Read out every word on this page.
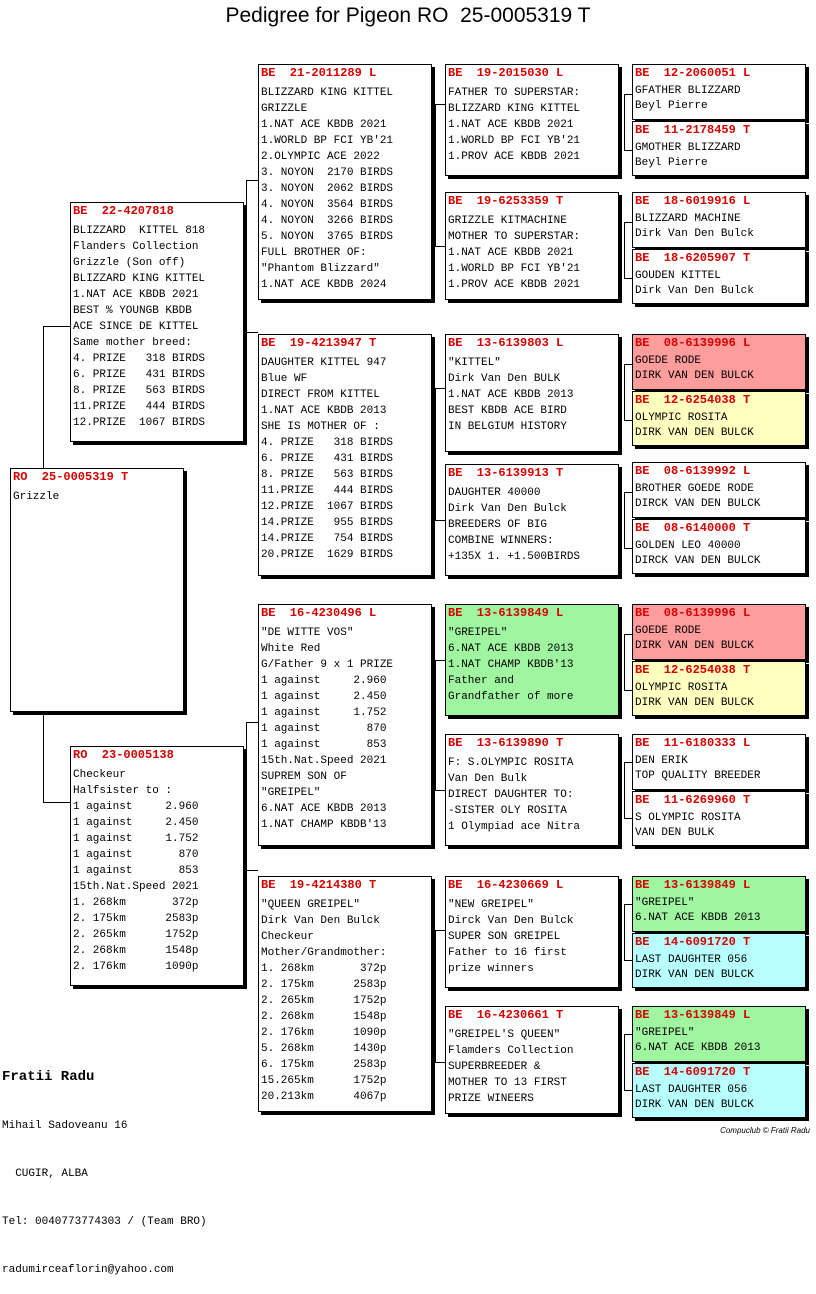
Pedigree for Pigeon RO  25-0005319 T
RO  25-0005319 T
Grizzle
BE  22-4207818
BLIZZARD  KITTEL 818
Flanders Collection
Grizzle (Son off)
BLIZZARD KING KITTEL
1.NAT ACE KBDB 2021
BEST % YOUNGB KBDB
ACE SINCE DE KITTEL
Same mother breed:
4. PRIZE   318 BIRDS
6. PRIZE   431 BIRDS
8. PRIZE   563 BIRDS
11.PRIZE   444 BIRDS
12.PRIZE  1067 BIRDS
RO  23-0005138
Checkeur
Halfsister to :
1 against     2.960
1 against     2.450
1 against     1.752
1 against       870
1 against       853
15th.Nat.Speed 2021
1. 268km       372p
2. 175km      2583p
2. 265km      1752p
2. 268km      1548p
2. 176km      1090p
BE  21-2011289 L
BLIZZARD KING KITTEL
GRIZZLE
1.NAT ACE KBDB 2021
1.WORLD BP FCI YB'21
2.OLYMPIC ACE 2022
3. NOYON  2170 BIRDS
3. NOYON  2062 BIRDS
4. NOYON  3564 BIRDS
4. NOYON  3266 BIRDS
5. NOYON  3765 BIRDS
FULL BROTHER OF:
"Phantom Blizzard"
1.NAT ACE KBDB 2024
BE  19-4213947 T
DAUGHTER KITTEL 947
Blue WF
DIRECT FROM KITTEL
1.NAT ACE KBDB 2013
SHE IS MOTHER OF :
4. PRIZE   318 BIRDS
6. PRIZE   431 BIRDS
8. PRIZE   563 BIRDS
11.PRIZE   444 BIRDS
12.PRIZE  1067 BIRDS
14.PRIZE   955 BIRDS
14.PRIZE   754 BIRDS
20.PRIZE  1629 BIRDS
BE  16-4230496 L
"DE WITTE VOS"
White Red
G/Father 9 x 1 PRIZE
1 against     2.960
1 against     2.450
1 against     1.752
1 against       870
1 against       853
15th.Nat.Speed 2021
SUPREM SON OF
"GREIPEL"
6.NAT ACE KBDB 2013
1.NAT CHAMP KBDB'13
BE  19-4214380 T
"QUEEN GREIPEL"
Dirk Van Den Bulck
Checkeur
Mother/Grandmother:
1. 268km       372p
2. 175km      2583p
2. 265km      1752p
2. 268km      1548p
2. 176km      1090p
5. 268km      1430p
6. 175km      2583p
15.265km      1752p
20.213km      4067p
BE  19-2015030 L
FATHER TO SUPERSTAR:
BLIZZARD KING KITTEL
1.NAT ACE KBDB 2021
1.WORLD BP FCI YB'21
1.PROV ACE KBDB 2021
BE  19-6253359 T
GRIZZLE KITMACHINE
MOTHER TO SUPERSTAR:
1.NAT ACE KBDB 2021
1.WORLD BP FCI YB'21
1.PROV ACE KBDB 2021
BE  13-6139803 L
"KITTEL"
Dirk Van Den BULK
1.NAT ACE KBDB 2013
BEST KBDB ACE BIRD
IN BELGIUM HISTORY
BE  13-6139913 T
DAUGHTER 40000
Dirk Van Den Bulck
BREEDERS OF BIG
COMBINE WINNERS:
+135X 1. +1.500BIRDS
BE  13-6139849 L
"GREIPEL"
6.NAT ACE KBDB 2013
1.NAT CHAMP KBDB'13
Father and
Grandfather of more
BE  13-6139890 T
F: S.OLYMPIC ROSITA
Van Den Bulk
DIRECT DAUGHTER TO:
-SISTER OLY ROSITA
1 Olympiad ace Nitra
BE  16-4230669 L
"NEW GREIPEL"
Dirck Van Den Bulck
SUPER SON GREIPEL
Father to 16 first
prize winners
BE  16-4230661 T
"GREIPEL'S QUEEN"
Flamders Collection
SUPERBREEDER &
MOTHER TO 13 FIRST
PRIZE WINEERS
BE  12-2060051 L
GFATHER BLIZZARD
Beyl Pierre
BE  11-2178459 T
GMOTHER BLIZZARD
Beyl Pierre
BE  18-6019916 L
BLIZZARD MACHINE
Dirk Van Den Bulck
BE  18-6205907 T
GOUDEN KITTEL
Dirk Van Den Bulck
BE  08-6139996 L
GOEDE RODE
DIRK VAN DEN BULCK
BE  12-6254038 T
OLYMPIC ROSITA
DIRK VAN DEN BULCK
BE  08-6139992 L
BROTHER GOEDE RODE
DIRCK VAN DEN BULCK
BE  08-6140000 T
GOLDEN LEO 40000
DIRCK VAN DEN BULCK
BE  08-6139996 L
GOEDE RODE
DIRK VAN DEN BULCK
BE  12-6254038 T
OLYMPIC ROSITA
DIRK VAN DEN BULCK
BE  11-6180333 L
DEN ERIK
TOP QUALITY BREEDER
BE  11-6269960 T
S OLYMPIC ROSITA
VAN DEN BULK
BE  13-6139849 L
"GREIPEL"
6.NAT ACE KBDB 2013
BE  14-6091720 T
LAST DAUGHTER 056
DIRK VAN DEN BULCK
BE  13-6139849 L
"GREIPEL"
6.NAT ACE KBDB 2013
BE  14-6091720 T
LAST DAUGHTER 056
DIRK VAN DEN BULCK

Fratii Radu

Mihail Sadoveanu 16

CUGIR, ALBA

Tel: 0040773774303 / (Team BRO)

radumirceaflorin@yahoo.com

Compuclub © Fratii Radu
